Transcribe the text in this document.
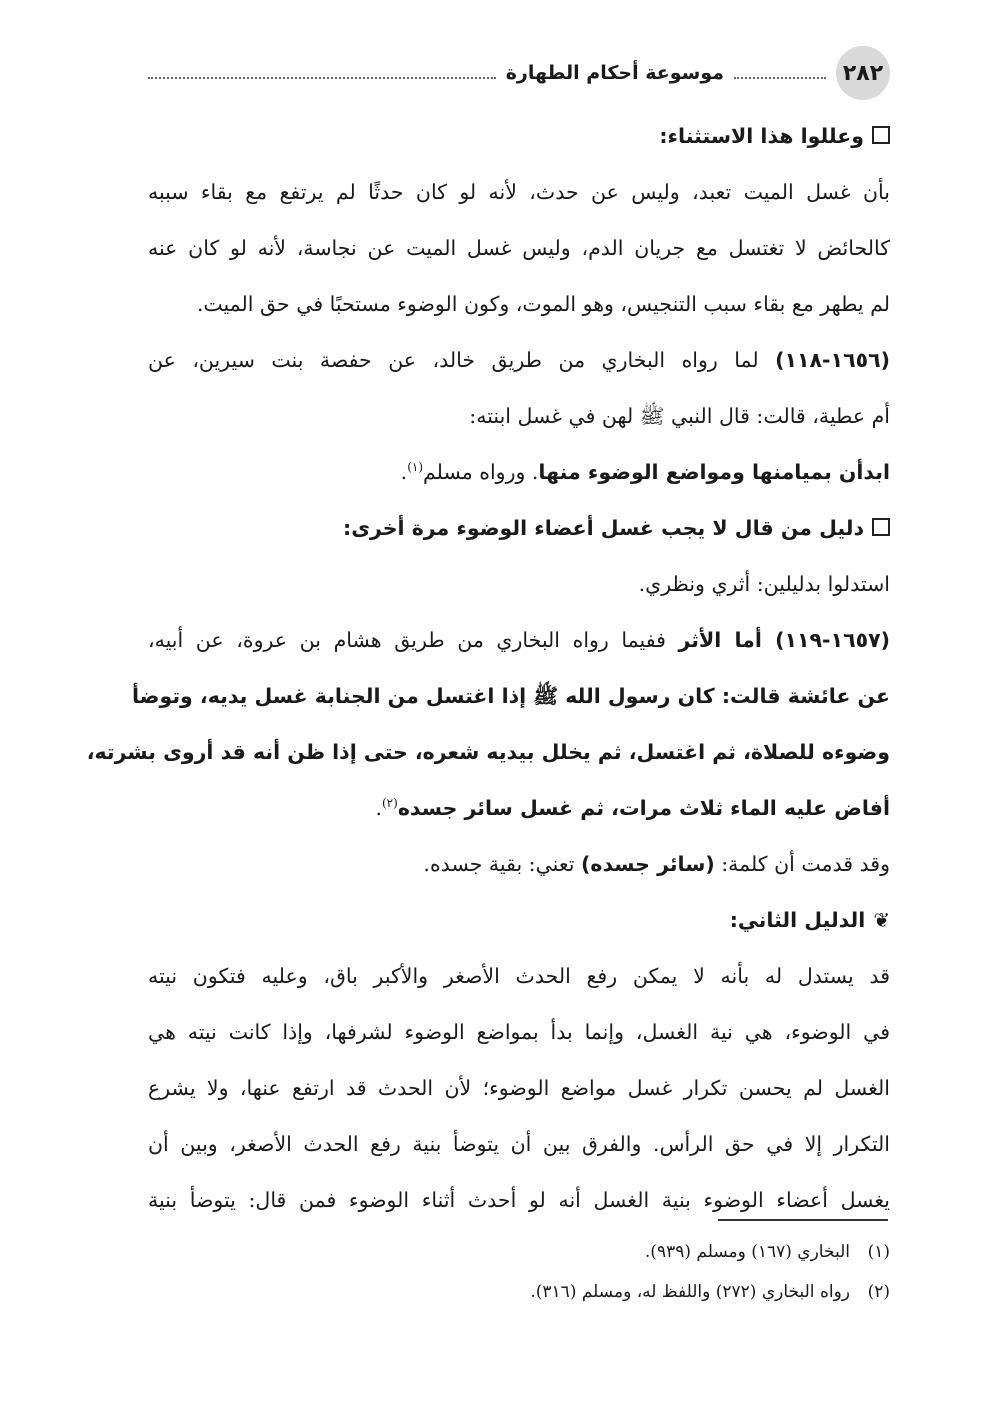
٢٨٢
موسوعة أحكام الطهارة
وعللوا هذا الاستثناء:
بأن غسل الميت تعبد، وليس عن حدث، لأنه لو كان حدثًا لم يرتفع مع بقاء سببه
كالحائض لا تغتسل مع جريان الدم، وليس غسل الميت عن نجاسة، لأنه لو كان عنه
لم يطهر مع بقاء سبب التنجيس، وهو الموت، وكون الوضوء مستحبًا في حق الميت.
(١٦٥٦-١١٨) لما رواه البخاري من طريق خالد، عن حفصة بنت سيرين، عن
أم عطية، قالت: قال النبي ﷺ لهن في غسل ابنته:
ابدأن بميامنها ومواضع الوضوء منها. ورواه مسلم$^{(١)}$.
دليل من قال لا يجب غسل أعضاء الوضوء مرة أخرى:
استدلوا بدليلين: أثري ونظري.
(١٦٥٧-١١٩) أما الأثر ففيما رواه البخاري من طريق هشام بن عروة، عن أبيه،
عن عائشة قالت: كان رسول الله ﷺ إذا اغتسل من الجنابة غسل يديه، وتوضأ
وضوءه للصلاة، ثم اغتسل، ثم يخلل بيديه شعره، حتى إذا ظن أنه قد أروى بشرته،
أفاض عليه الماء ثلاث مرات، ثم غسل سائر جسده$^{(٢)}$.
وقد قدمت أن كلمة: (سائر جسده) تعني: بقية جسده.
❦الدليل الثاني:
قد يستدل له بأنه لا يمكن رفع الحدث الأصغر والأكبر باق، وعليه فتكون نيته
في الوضوء، هي نية الغسل، وإنما بدأ بمواضع الوضوء لشرفها، وإذا كانت نيته هي
الغسل لم يحسن تكرار غسل مواضع الوضوء؛ لأن الحدث قد ارتفع عنها، ولا يشرع
التكرار إلا في حق الرأس. والفرق بين أن يتوضأ بنية رفع الحدث الأصغر، وبين أن
يغسل أعضاء الوضوء بنية الغسل أنه لو أحدث أثناء الوضوء فمن قال: يتوضأ بنية
(١)البخاري (١٦٧) ومسلم (٩٣٩).
(٢)رواه البخاري (٢٧٢) واللفظ له، ومسلم (٣١٦).
